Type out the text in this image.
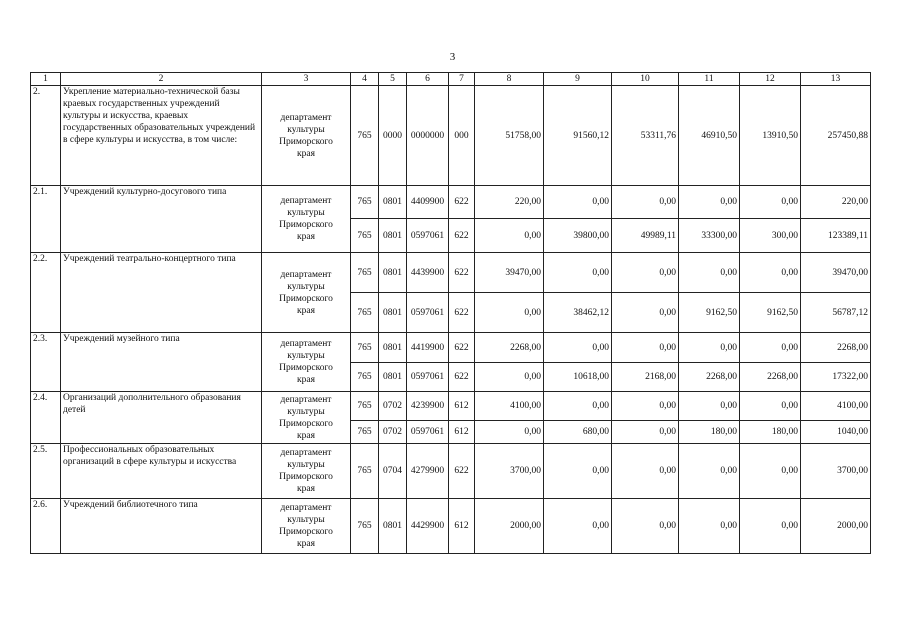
3
1	2	3	4	5	6	7	8	9	10	11	12	13
2.	Укрепление материально-технической базы краевых государственных учреждений культуры и искусства, краевых государственных образовательных учреждений в сфере культуры и искусства, в том числе:	департамент
культуры
Приморского
края	765	0000	0000000	000	51758,00	91560,12	53311,76	46910,50	13910,50	257450,88
2.1.	Учреждений культурно-досугового типа	департамент
культуры
Приморского
края	765	0801	4409900	622	220,00	0,00	0,00	0,00	0,00	220,00
			765	0801	0597061	622	0,00	39800,00	49989,11	33300,00	300,00	123389,11
2.2.	Учреждений театрально-концертного типа	департамент
культуры
Приморского
края	765	0801	4439900	622	39470,00	0,00	0,00	0,00	0,00	39470,00
			765	0801	0597061	622	0,00	38462,12	0,00	9162,50	9162,50	56787,12
2.3.	Учреждений музейного типа	департамент
культуры
Приморского
края	765	0801	4419900	622	2268,00	0,00	0,00	0,00	0,00	2268,00
			765	0801	0597061	622	0,00	10618,00	2168,00	2268,00	2268,00	17322,00
2.4.	Организаций дополнительного образования детей	департамент
культуры
Приморского
края	765	0702	4239900	612	4100,00	0,00	0,00	0,00	0,00	4100,00
			765	0702	0597061	612	0,00	680,00	0,00	180,00	180,00	1040,00
2.5.	Профессиональных образовательных организаций в сфере культуры и искусства	департамент
культуры
Приморского
края	765	0704	4279900	622	3700,00	0,00	0,00	0,00	0,00	3700,00
2.6.	Учреждений библиотечного типа	департамент
культуры
Приморского
края	765	0801	4429900	612	2000,00	0,00	0,00	0,00	0,00	2000,00
